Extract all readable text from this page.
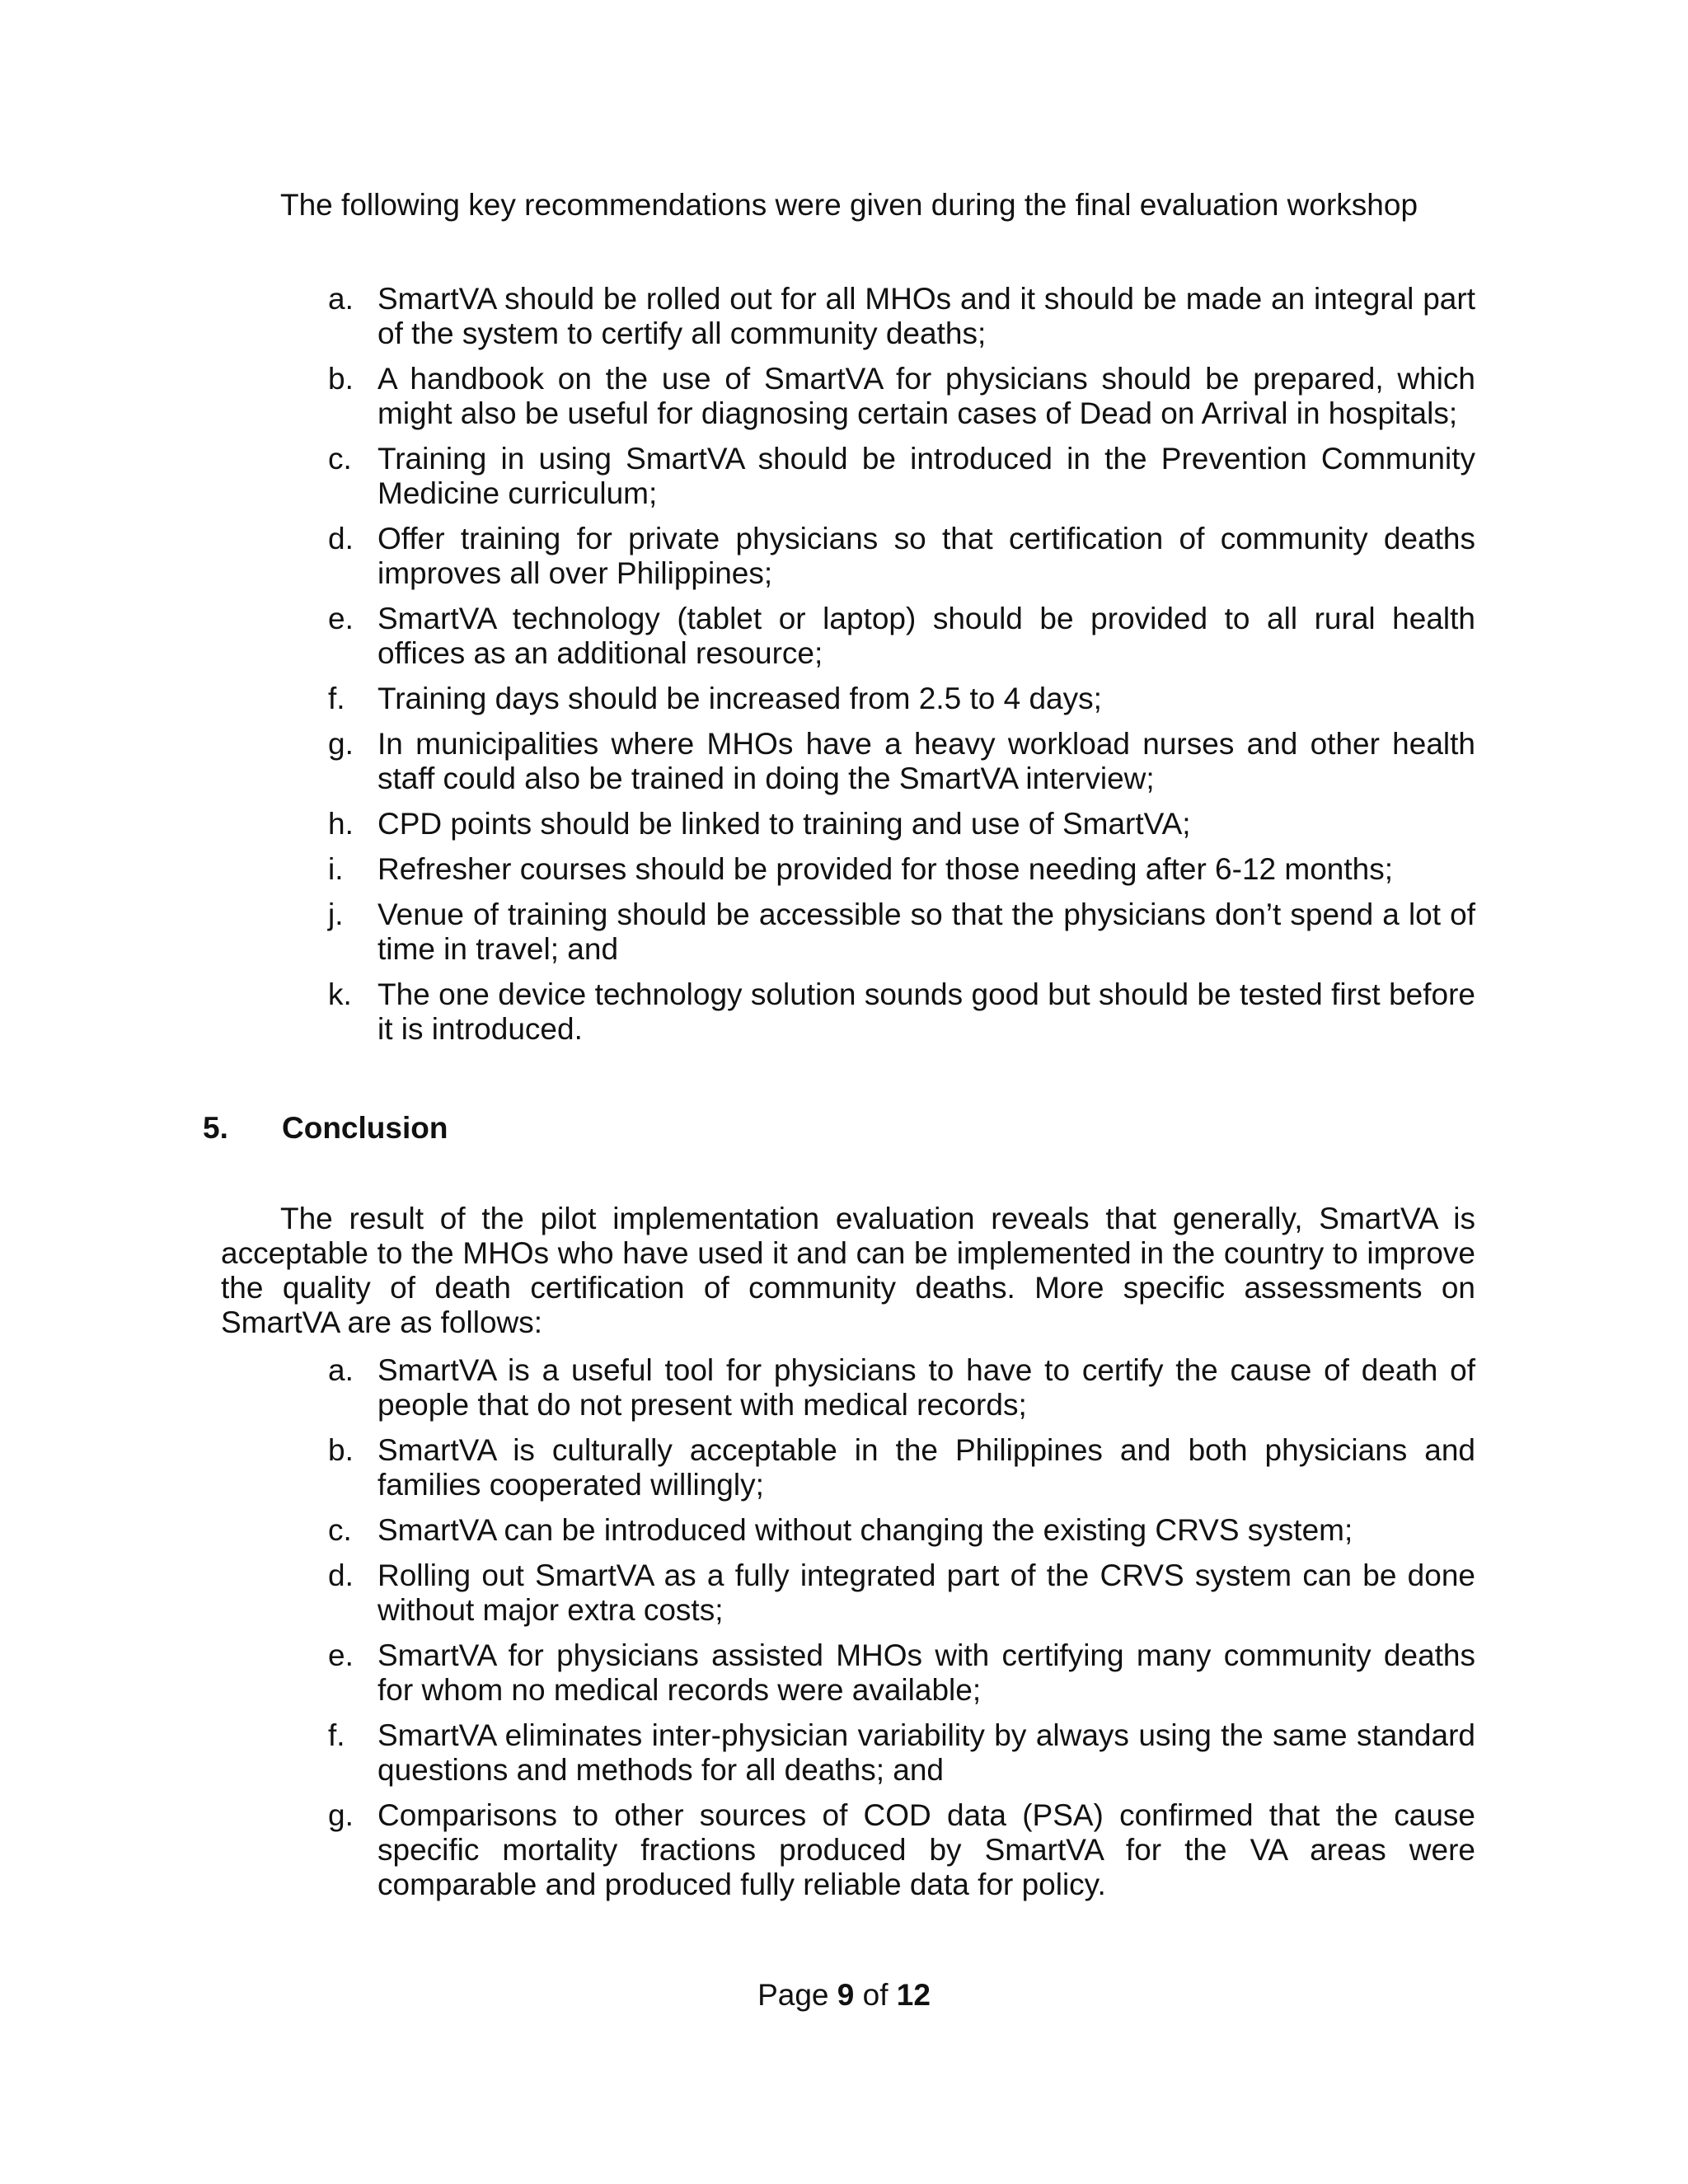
The following key recommendations were given during the final evaluation workshop

a. SmartVA should be rolled out for all MHOs and it should be made an integral part of the system to certify all community deaths;
b. A handbook on the use of SmartVA for physicians should be prepared, which might also be useful for diagnosing certain cases of Dead on Arrival in hospitals;
c. Training in using SmartVA should be introduced in the Prevention Community Medicine curriculum;
d. Offer training for private physicians so that certification of community deaths improves all over Philippines;
e. SmartVA technology (tablet or laptop) should be provided to all rural health offices as an additional resource;
f. Training days should be increased from 2.5 to 4 days;
g. In municipalities where MHOs have a heavy workload nurses and other health staff could also be trained in doing the SmartVA interview;
h. CPD points should be linked to training and use of SmartVA;
i. Refresher courses should be provided for those needing after 6-12 months;
j. Venue of training should be accessible so that the physicians don’t spend a lot of time in travel; and
k. The one device technology solution sounds good but should be tested first before it is introduced.
5. Conclusion

The result of the pilot implementation evaluation reveals that generally, SmartVA is acceptable to the MHOs who have used it and can be implemented in the country to improve the quality of death certification of community deaths. More specific assessments on SmartVA are as follows:

a. SmartVA is a useful tool for physicians to have to certify the cause of death of people that do not present with medical records;
b. SmartVA is culturally acceptable in the Philippines and both physicians and families cooperated willingly;
c. SmartVA can be introduced without changing the existing CRVS system;
d. Rolling out SmartVA as a fully integrated part of the CRVS system can be done without major extra costs;
e. SmartVA for physicians assisted MHOs with certifying many community deaths for whom no medical records were available;
f. SmartVA eliminates inter-physician variability by always using the same standard questions and methods for all deaths; and
g. Comparisons to other sources of COD data (PSA) confirmed that the cause specific mortality fractions produced by SmartVA for the VA areas were comparable and produced fully reliable data for policy.

Page 9 of 12
